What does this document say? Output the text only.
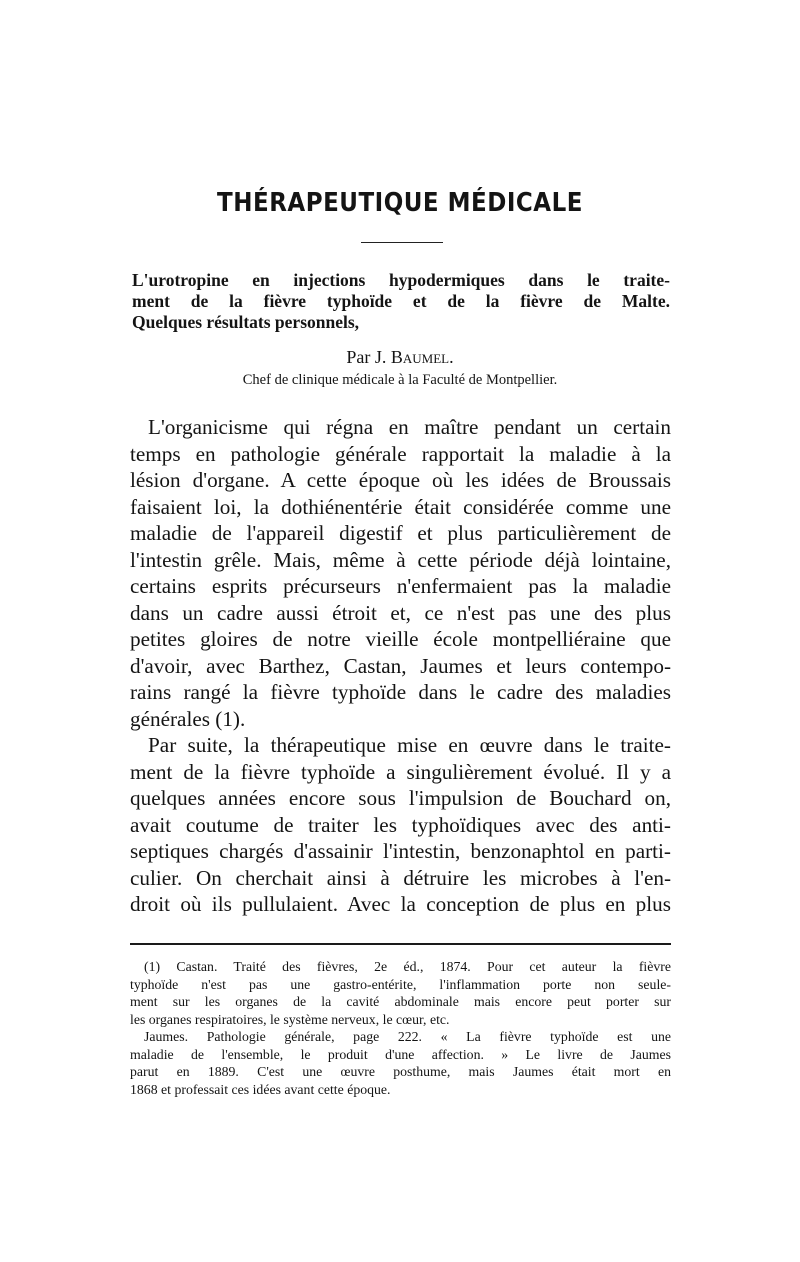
THÉRAPEUTIQUE MÉDICALE
L'urotropine en injections hypodermiques dans le traite-
ment de la fièvre typhoïde et de la fièvre de Malte.
Quelques résultats personnels,
Par J. Baumel.
Chef de clinique médicale à la Faculté de Montpellier.
L'organicisme qui régna en maître pendant un certain
temps en pathologie générale rapportait la maladie à la
lésion d'organe. A cette époque où les idées de Broussais
faisaient loi, la dothiénentérie était considérée comme une
maladie de l'appareil digestif et plus particulièrement de
l'intestin grêle. Mais, même à cette période déjà lointaine,
certains esprits précurseurs n'enfermaient pas la maladie
dans un cadre aussi étroit et, ce n'est pas une des plus
petites gloires de notre vieille école montpelliéraine que
d'avoir, avec Barthez, Castan, Jaumes et leurs contempo-
rains rangé la fièvre typhoïde dans le cadre des maladies
générales (1).
Par suite, la thérapeutique mise en œuvre dans le traite-
ment de la fièvre typhoïde a singulièrement évolué. Il y a
quelques années encore sous l'impulsion de Bouchard on,
avait coutume de traiter les typhoïdiques avec des anti-
septiques chargés d'assainir l'intestin, benzonaphtol en parti-
culier. On cherchait ainsi à détruire les microbes à l'en-
droit où ils pullulaient. Avec la conception de plus en plus
(1) Castan. Traité des fièvres, 2e éd., 1874. Pour cet auteur la fièvre
typhoïde n'est pas une gastro-entérite, l'inflammation porte non seule-
ment sur les organes de la cavité abdominale mais encore peut porter sur
les organes respiratoires, le système nerveux, le cœur, etc.
Jaumes. Pathologie générale, page 222. « La fièvre typhoïde est une
maladie de l'ensemble, le produit d'une affection. » Le livre de Jaumes
parut en 1889. C'est une œuvre posthume, mais Jaumes était mort en
1868 et professait ces idées avant cette époque.
